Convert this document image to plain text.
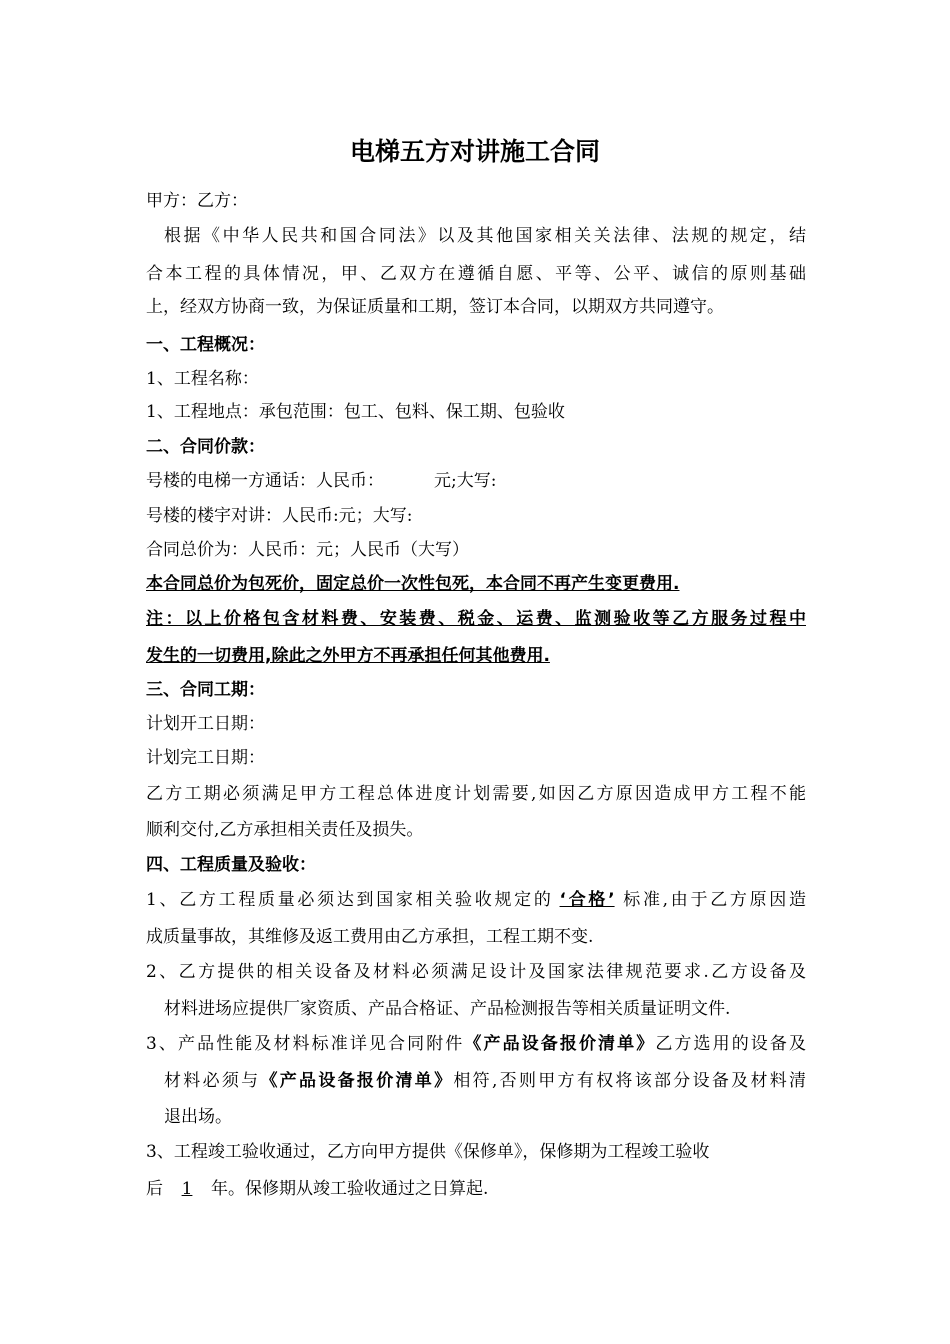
电梯五方对讲施工合同
甲方：乙方：
根据《中华人民共和国合同法》以及其他国家相关关法律、法规的规定，结
合本工程的具体情况，甲、乙双方在遵循自愿、平等、公平、诚信的原则基础
上，经双方协商一致，为保证质量和工期，签订本合同，以期双方共同遵守。
一、工程概况：
1、工程名称：
1、工程地点：承包范围：包工、包料、保工期、包验收
二、合同价款：
号楼的电梯一方通话：人民币：	元;大写:
号楼的楼宇对讲：人民币:元；大写:
合同总价为：人民币：元；人民币（大写）
本合同总价为包死价，固定总价一次性包死，本合同不再产生变更费用.
注：以上价格包含材料费、安装费、税金、运费、监测验收等乙方服务过程中
发生的一切费用,除此之外甲方不再承担任何其他费用.
三、合同工期：
计划开工日期：
计划完工日期：
乙方工期必须满足甲方工程总体进度计划需要,如因乙方原因造成甲方工程不能
顺利交付,乙方承担相关责任及损失。
四、工程质量及验收：
1、乙方工程质量必须达到国家相关验收规定的 ‘合格’ 标准,由于乙方原因造
成质量事故，其维修及返工费用由乙方承担，工程工期不变.
2、乙方提供的相关设备及材料必须满足设计及国家法律规范要求.乙方设备及
材料进场应提供厂家资质、产品合格证、产品检测报告等相关质量证明文件.
3、产品性能及材料标准详见合同附件《产品设备报价清单》乙方选用的设备及
材料必须与《产品设备报价清单》相符,否则甲方有权将该部分设备及材料清
退出场。
3、工程竣工验收通过，乙方向甲方提供《保修单》，保修期为工程竣工验收
后 1 年。保修期从竣工验收通过之日算起.
